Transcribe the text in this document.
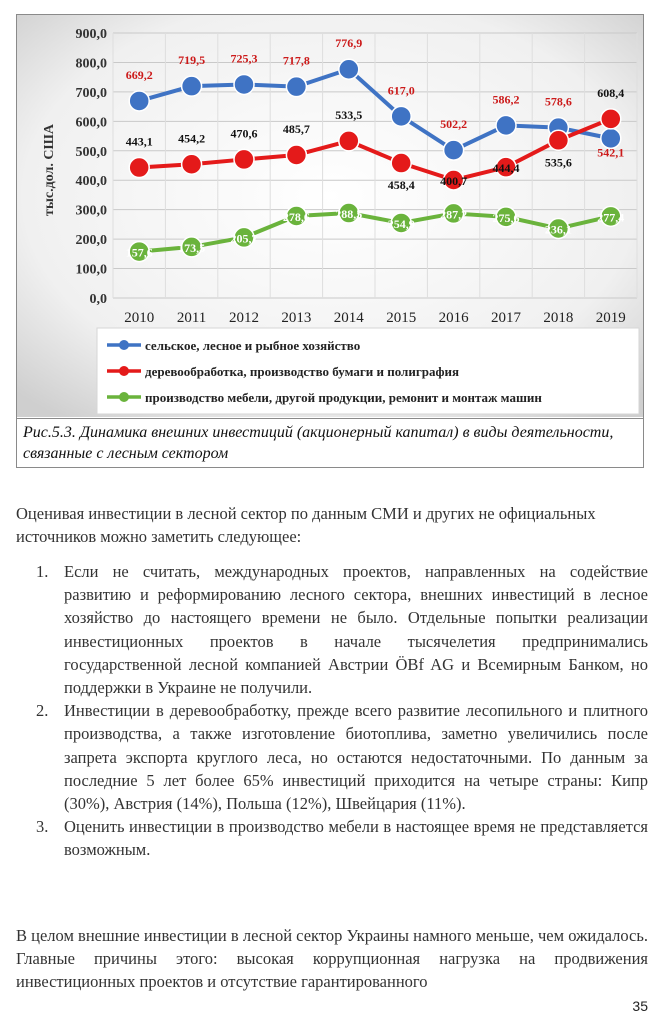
0,0
100,0
200,0
300,0
400,0
500,0
600,0
700,0
800,0
900,0
2010 2011 2012 2013 2014 2015 2016 2017 2018 2019
669,2
719,5 725,3 717,8
776,9
617,0
502,2
586,2 578,6
542,1
443,1 454,2 470,6 485,7
533,5
458,4 400,7
444,4 535,6
608,4
157,6 173,5
205,7
278,6 288,5
254,9
287,2 275,6
236,1
277,4
сельское, лесное и рыбное хозяйство
деревообработка, производство бумаги и полиграфия
производство мебели, другой продукции, ремонит и монтаж машин
тыс.дол. США
Рис.5.3. Динамика внешних инвестиций (акционерный капитал) в виды деятельности, связанные с лесным сектором
Оценивая инвестиции в лесной сектор по данным СМИ и других не официальных источников можно заметить следующее:
1. Если не считать, международных проектов, направленных на содействие развитию и реформированию лесного сектора, внешних инвестиций в лесное хозяйство до настоящего времени не было. Отдельные попытки реализации инвестиционных проектов в начале тысячелетия предпринимались государственной лесной компанией Австрии ÖBf AG и Всемирным Банком, но поддержки в Украине не получили.
2. Инвестиции в деревообработку, прежде всего развитие лесопильного и плитного производства, а также изготовление биотоплива, заметно увеличились после запрета экспорта круглого леса, но остаются недостаточными. По данным за последние 5 лет более 65% инвестиций приходится на четыре страны: Кипр (30%), Австрия (14%), Польша (12%), Швейцария (11%).
3. Оценить инвестиции в производство мебели в настоящее время не представляется возможным.
В целом внешние инвестиции в лесной сектор Украины намного меньше, чем ожидалось. Главные причины этого: высокая коррупционная нагрузка на продвижения инвестиционных проектов и отсутствие гарантированного
35
